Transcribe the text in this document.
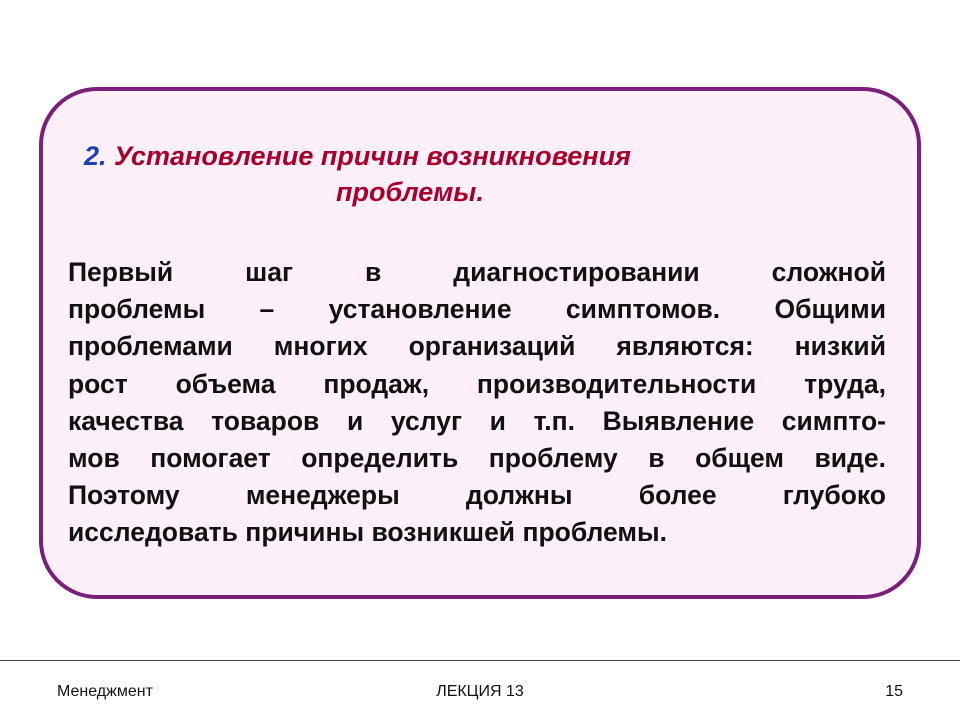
2. Установление причин возникновения
проблемы.
Первый шаг в диагностировании сложной
проблемы – установление симптомов. Общими
проблемами многих организаций являются: низкий
рост объема продаж, производительности труда,
качества товаров и услуг и т.п. Выявление симпто-
мов помогает определить проблему в общем виде.
Поэтому менеджеры должны более глубоко
исследовать причины возникшей проблемы.
Менеджмент	ЛЕКЦИЯ 13	15
